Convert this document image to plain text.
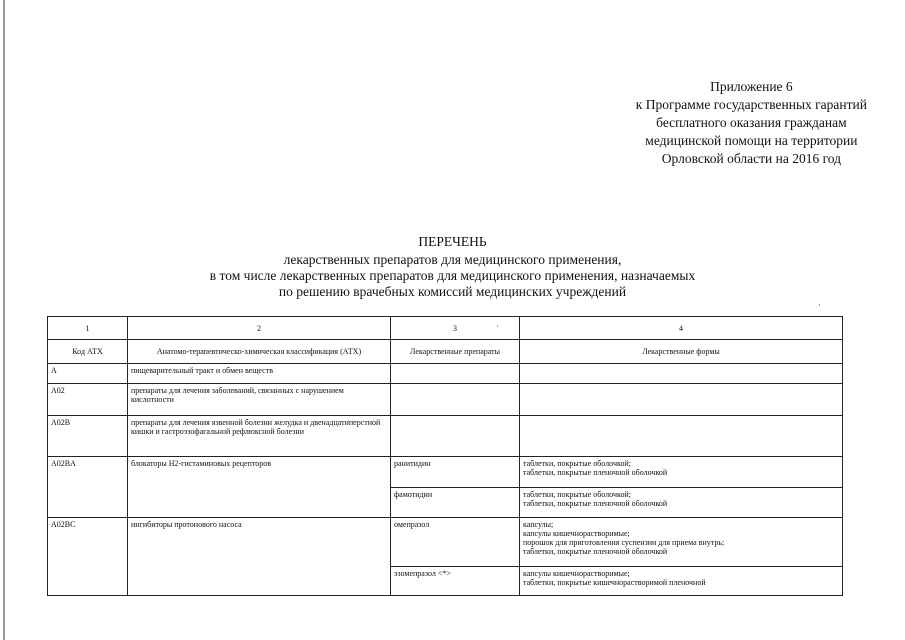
Приложение 6
к Программе государственных гарантий
бесплатного оказания гражданам
медицинской помощи на территории
Орловской области на 2016 год
ПЕРЕЧЕНЬ
лекарственных препаратов для медицинского применения,
в том числе лекарственных препаратов для медицинского применения, назначаемых
по решению врачебных комиссий медицинских учреждений
1	2	3	4
Код АТХ	Анатомо-терапевтическо-химическая классификация (АТХ)	Лекарственные препараты	Лекарственные формы
A	пищеварительный тракт и обмен веществ		
A02	препараты для лечения заболеваний, связанных с нарушением кислотности		

A02B	препараты для лечения язвенной болезни желудка и двенадцатиперстной кишки и гастроэзофагальной рефлюксной болезни		

A02BA	блокаторы Н2-гистаминовых рецепторов	ранитидин	таблетки, покрытые оболочкой;
таблетки, покрытые пленочной оболочкой

		фамотидин	таблетки, покрытые оболочкой;
таблетки, покрытые пленочной оболочкой

A02BC	ингибиторы протонового насоса	омепразол	капсулы;
капсулы кишечнорастворимые;
порошок для приготовления суспензии для приема внутрь;
таблетки, покрытые пленочной оболочкой

		эзомепразол <*>	капсулы кишечнорастворимые;
таблетки, покрытые кишечнорастворимой пленочной
·
·
